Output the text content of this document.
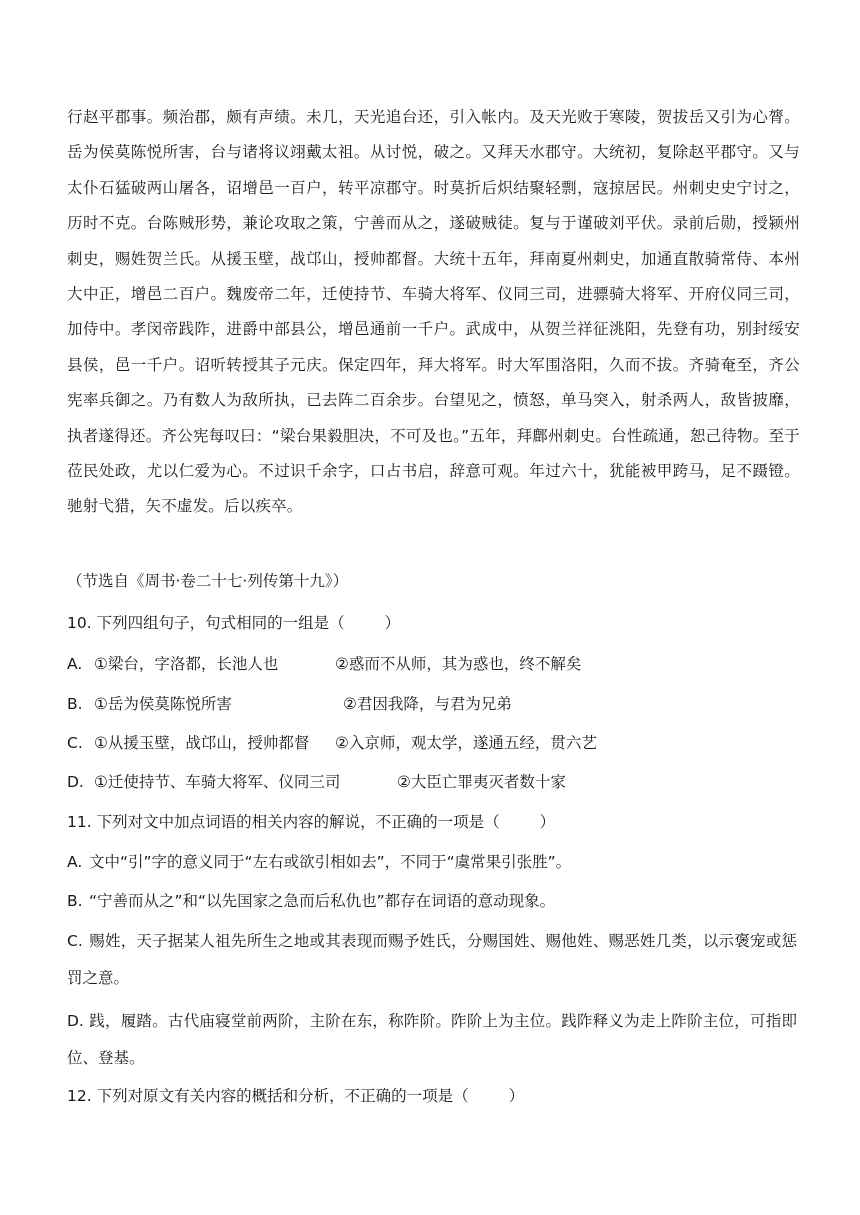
行赵平郡事。频治郡，颇有声绩。未几，天光追台还，引入帐内。及天光败于寒陵，贺拔岳又引为心膂。岳为侯莫陈悦所害，台与诸将议翊戴太祖。从讨悦，破之。又拜天水郡守。大统初，复除赵平郡守。又与太仆石猛破两山屠各，诏增邑一百户，转平凉郡守。时莫折后炽结聚轻剽，寇掠居民。州刺史史宁讨之，历时不克。台陈贼形势，兼论攻取之策，宁善而从之，遂破贼徒。复与于谨破刘平伏。录前后勋，授颍州刺史，赐姓贺兰氏。从援玉壁，战邙山，授帅都督。大统十五年，拜南夏州刺史，加通直散骑常侍、本州大中正，增邑二百户。魏废帝二年，迁使持节、车骑大将军、仪同三司，进骠骑大将军、开府仪同三司，加侍中。孝闵帝践阼，进爵中部县公，增邑通前一千户。武成中，从贺兰祥征洮阳，先登有功，别封绥安县侯，邑一千户。诏听转授其子元庆。保定四年，拜大将军。时大军围洛阳，久而不拔。齐骑奄至，齐公宪率兵御之。乃有数人为敌所执，已去阵二百余步。台望见之，愤怒，单马突入，射杀两人，敌皆披靡，执者遂得还。齐公宪每叹曰：“梁台果毅胆决，不可及也。”五年，拜鄜州刺史。台性疏通，恕己待物。至于莅民处政，尤以仁爱为心。不过识千余字，口占书启，辞意可观。年过六十，犹能被甲跨马，足不蹑镫。驰射弋猎，矢不虚发。后以疾卒。

（节选自《周书·卷二十七·列传第十九》）

10. 下列四组句子，句式相同的一组是（	）

A. ①梁台，字洛都，长池人也	②惑而不从师，其为惑也，终不解矣
B. ①岳为侯莫陈悦所害	②君因我降，与君为兄弟
C. ①从援玉壁，战邙山，授帅都督 ②入京师，观太学，遂通五经，贯六艺
D. ①迁使持节、车骑大将军、仪同三司	②大臣亡罪夷灭者数十家

11. 下列对文中加点词语的相关内容的解说，不正确的一项是（	）

A. 文中“引”字的意义同于“左右或欲引相如去”，不同于“虞常果引张胜”。

B. “宁善而从之”和“以先国家之急而后私仇也”都存在词语的意动现象。

C. 赐姓，天子据某人祖先所生之地或其表现而赐予姓氏，分赐国姓、赐他姓、赐恶姓几类，以示褒宠或惩罚之意。

D. 践，履踏。古代庙寝堂前两阶，主阶在东，称阼阶。阼阶上为主位。践阼释义为走上阼阶主位，可指即位、登基。

12. 下列对原文有关内容的概括和分析，不正确的一项是（	）
